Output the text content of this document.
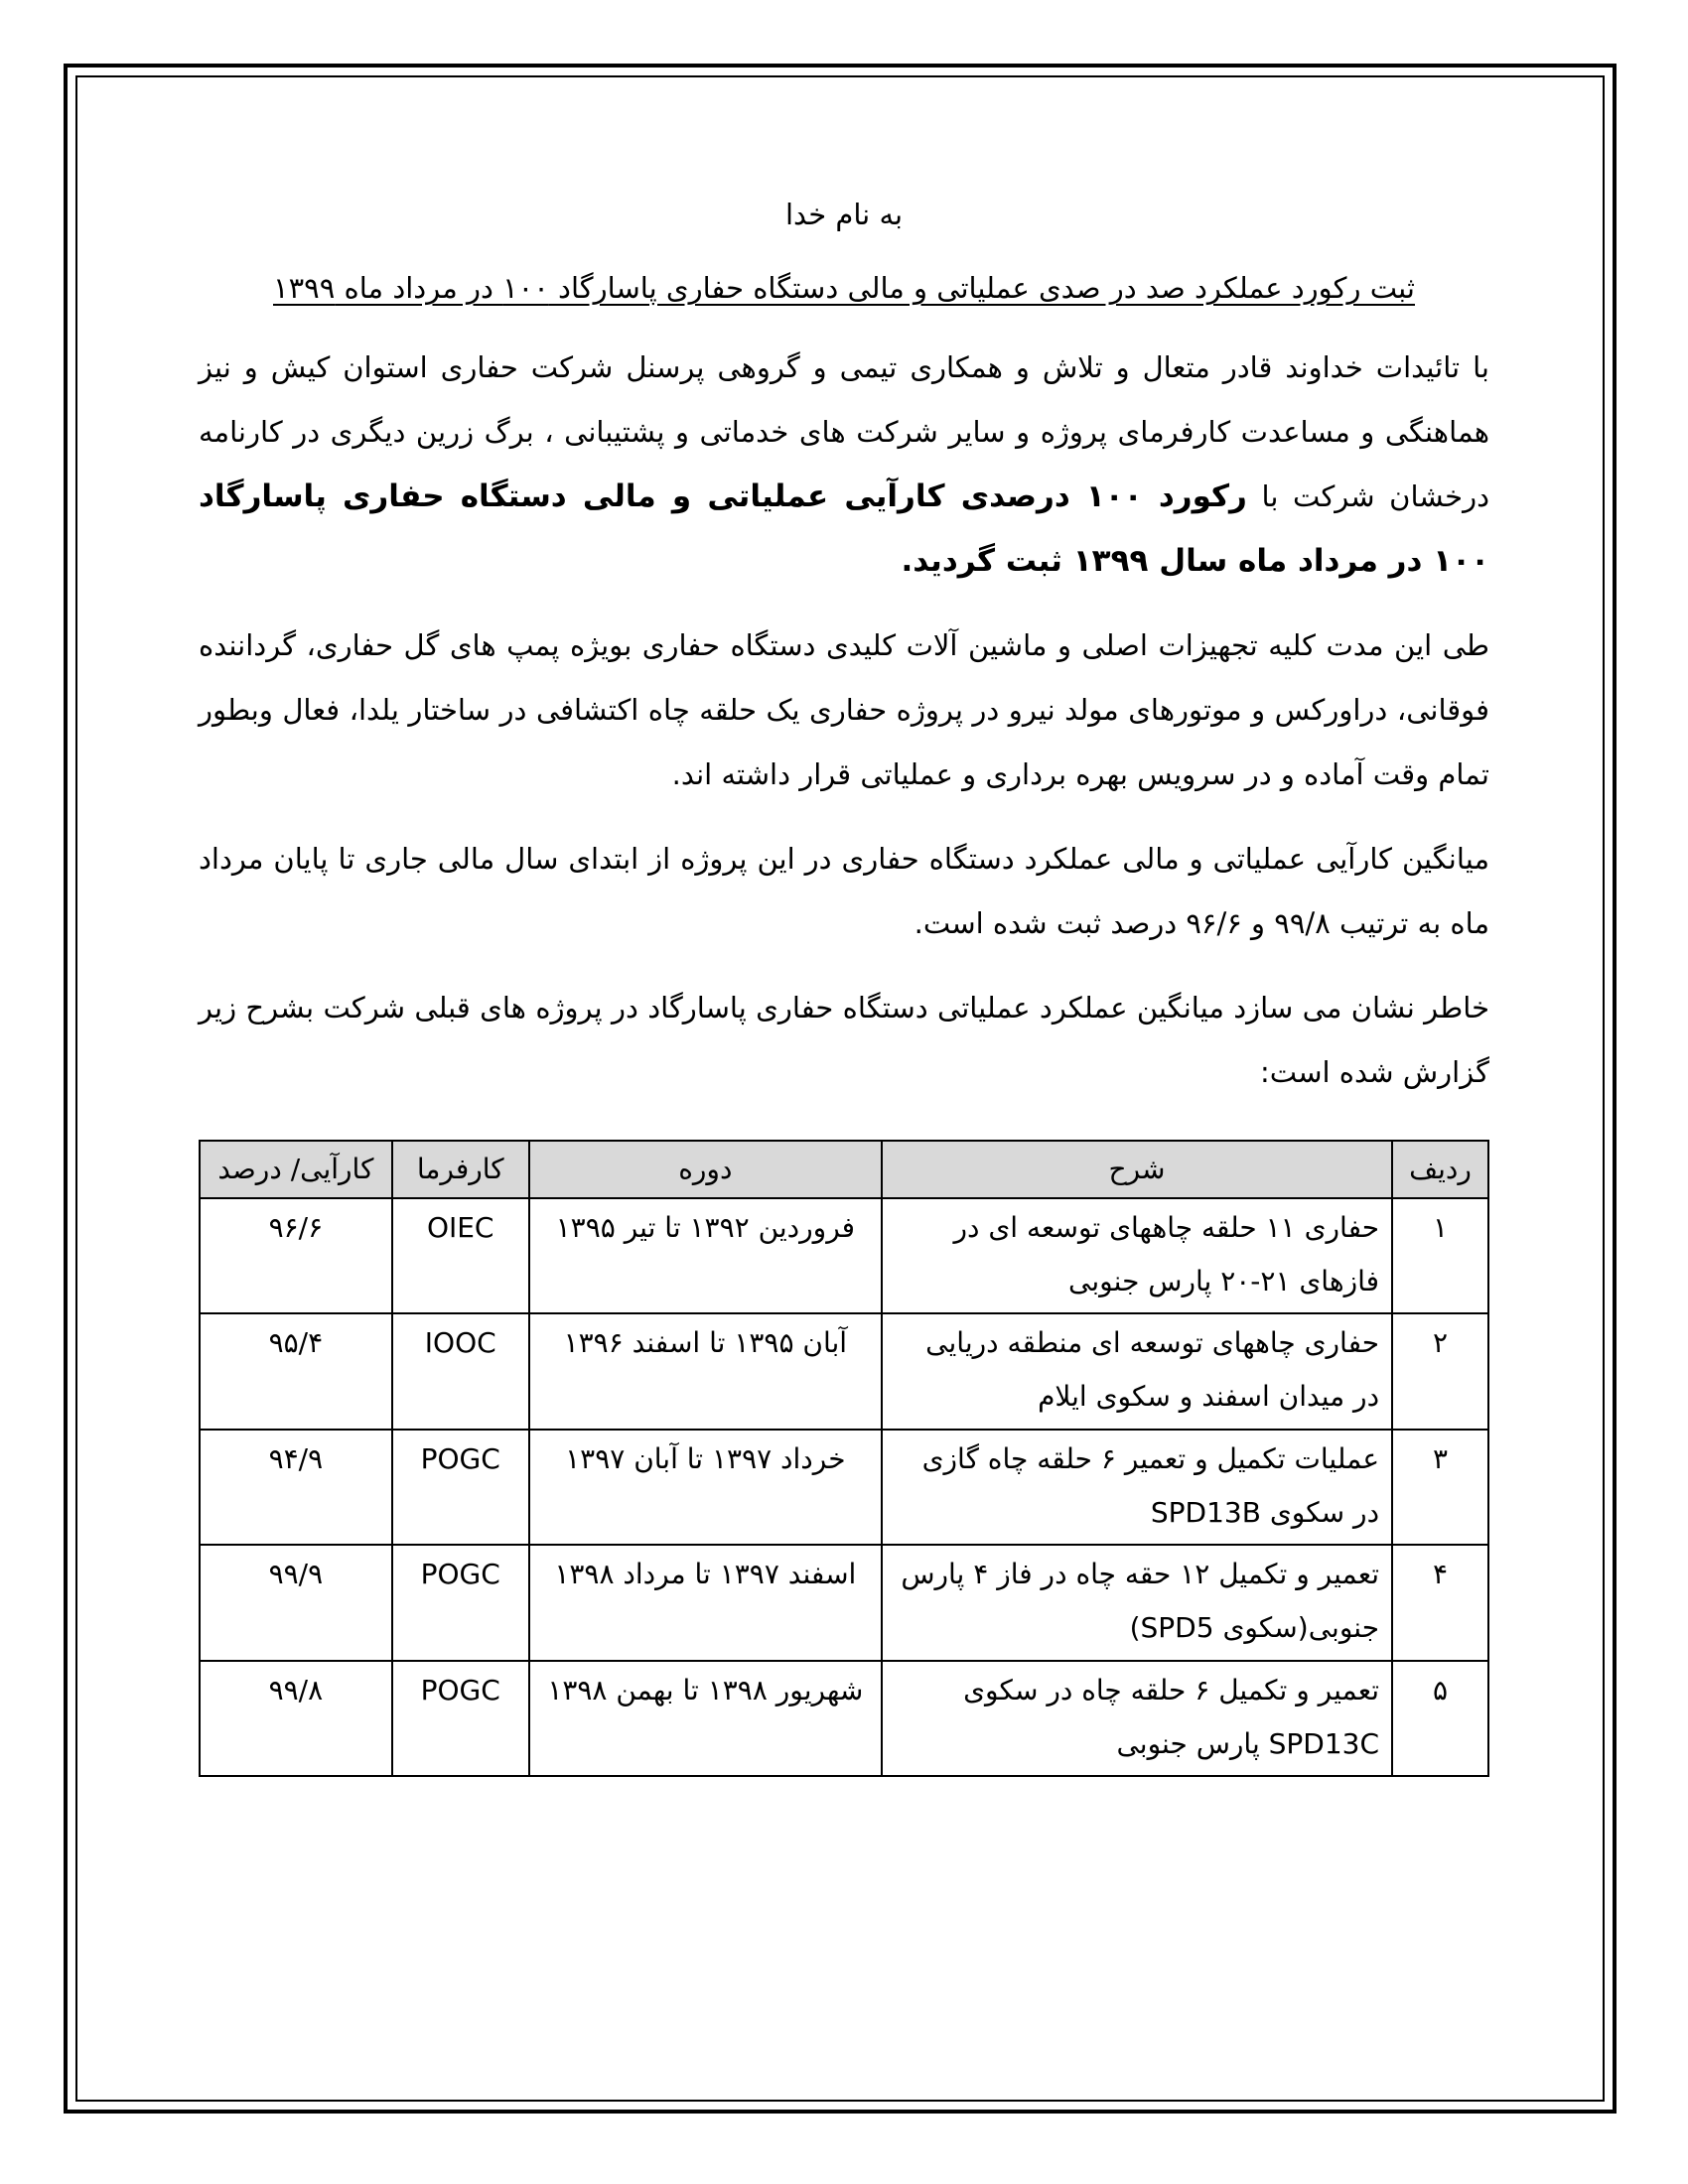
به نام خدا

ثبت رکورد عملکرد صد در صدی عملیاتی و مالی دستگاه حفاری پاسارگاد ۱۰۰ در مرداد ماه ۱۳۹۹

با تائیدات خداوند قادر متعال و تلاش و همکاری تیمی و گروهی پرسنل شرکت حفاری استوان کیش و نیز هماهنگی و مساعدت کارفرمای پروژه و سایر شرکت های خدماتی و پشتیبانی ، برگ زرین دیگری در کارنامه درخشان شرکت با رکورد ۱۰۰ درصدی کارآیی عملیاتی و مالی دستگاه حفاری پاسارگاد ۱۰۰ در مرداد ماه سال ۱۳۹۹ ثبت گردید.

طی این مدت کلیه تجهیزات اصلی و ماشین آلات کلیدی دستگاه حفاری بویژه پمپ های گل حفاری، گرداننده فوقانی، دراورکس و موتورهای مولد نیرو در پروژه حفاری یک حلقه چاه اکتشافی در ساختار یلدا، فعال وبطور تمام وقت آماده و در سرویس بهره برداری و عملیاتی قرار داشته اند.

میانگین کارآیی عملیاتی و مالی عملکرد دستگاه حفاری در این پروژه از ابتدای سال مالی جاری تا پایان مرداد ماه به ترتیب ۹۹/۸ و ۹۶/۶ درصد ثبت شده است.

خاطر نشان می سازد میانگین عملکرد عملیاتی دستگاه حفاری پاسارگاد در پروژه های قبلی شرکت بشرح زیر گزارش شده است:

ردیف	شرح	دوره	کارفرما	کارآیی/ درصد
۱	حفاری ۱۱ حلقه چاههای توسعه ای در فازهای ۲۱-۲۰ پارس جنوبی	فروردین ۱۳۹۲ تا تیر ۱۳۹۵	OIEC	۹۶/۶
۲	حفاری چاههای توسعه ای منطقه دریایی در میدان اسفند و سکوی ایلام	آبان ۱۳۹۵ تا اسفند ۱۳۹۶	IOOC	۹۵/۴
۳	عملیات تکمیل و تعمیر ۶ حلقه چاه گازی در سکوی SPD13B	خرداد ۱۳۹۷ تا آبان ۱۳۹۷	POGC	۹۴/۹
۴	تعمیر و تکمیل ۱۲ حقه چاه در فاز ۴ پارس جنوبی(سکوی SPD5)	اسفند ۱۳۹۷ تا مرداد ۱۳۹۸	POGC	۹۹/۹
۵	تعمیر و تکمیل ۶ حلقه چاه در سکوی SPD13C پارس جنوبی	شهریور ۱۳۹۸ تا بهمن ۱۳۹۸	POGC	۹۹/۸
